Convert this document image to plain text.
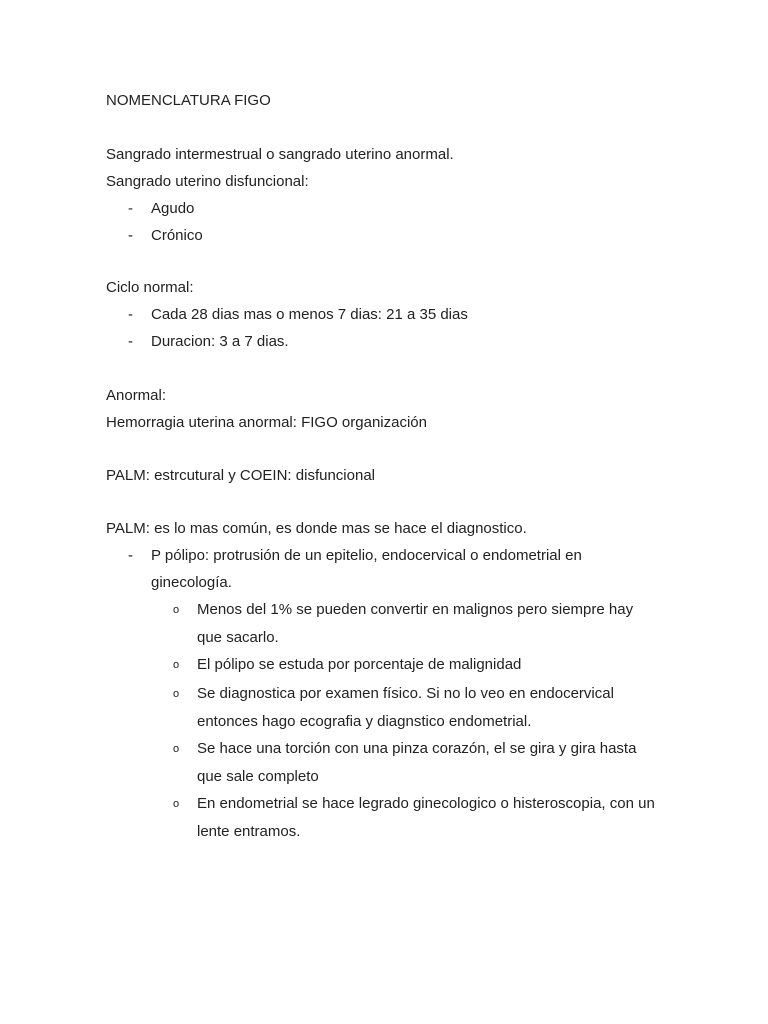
NOMENCLATURA FIGO
Sangrado intermestrual o sangrado uterino anormal.
Sangrado uterino disfuncional:
- Agudo
- Crónico
Ciclo normal:
- Cada 28 dias mas o menos 7 dias: 21 a 35 dias
- Duracion: 3 a 7 dias.
Anormal:
Hemorragia uterina anormal: FIGO organización
PALM: estrcutural y COEIN: disfuncional
PALM: es lo mas común, es donde mas se hace el diagnostico.
- P pólipo: protrusión de un epitelio, endocervical o endometrial en
ginecología.
o Menos del 1% se pueden convertir en malignos pero siempre hay
que sacarlo.
o El pólipo se estuda por porcentaje de malignidad
o Se diagnostica por examen físico. Si no lo veo en endocervical
entonces hago ecografia y diagnstico endometrial.
o Se hace una torción con una pinza corazón, el se gira y gira hasta
que sale completo
o En endometrial se hace legrado ginecologico o histeroscopia, con un
lente entramos.
